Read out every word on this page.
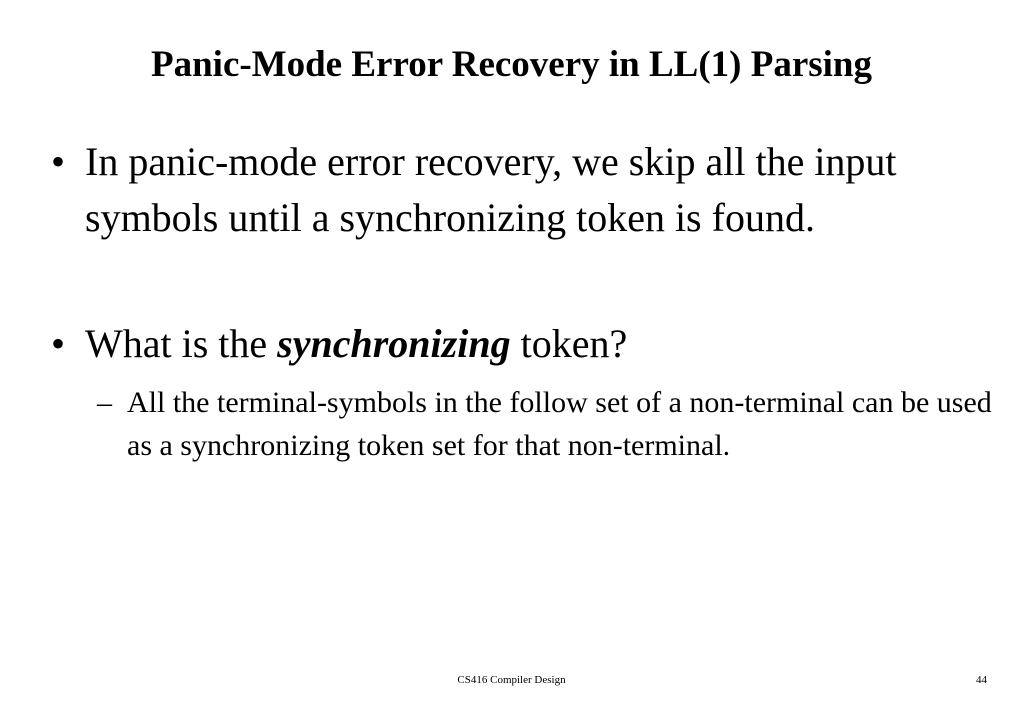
Panic-Mode Error Recovery in LL(1) Parsing
• In panic-mode error recovery, we skip all the input symbols until a synchronizing token is found.
• What is the synchronizing token?
– All the terminal-symbols in the follow set of a non-terminal can be used as a synchronizing token set for that non-terminal.
CS416 Compiler Design	44
